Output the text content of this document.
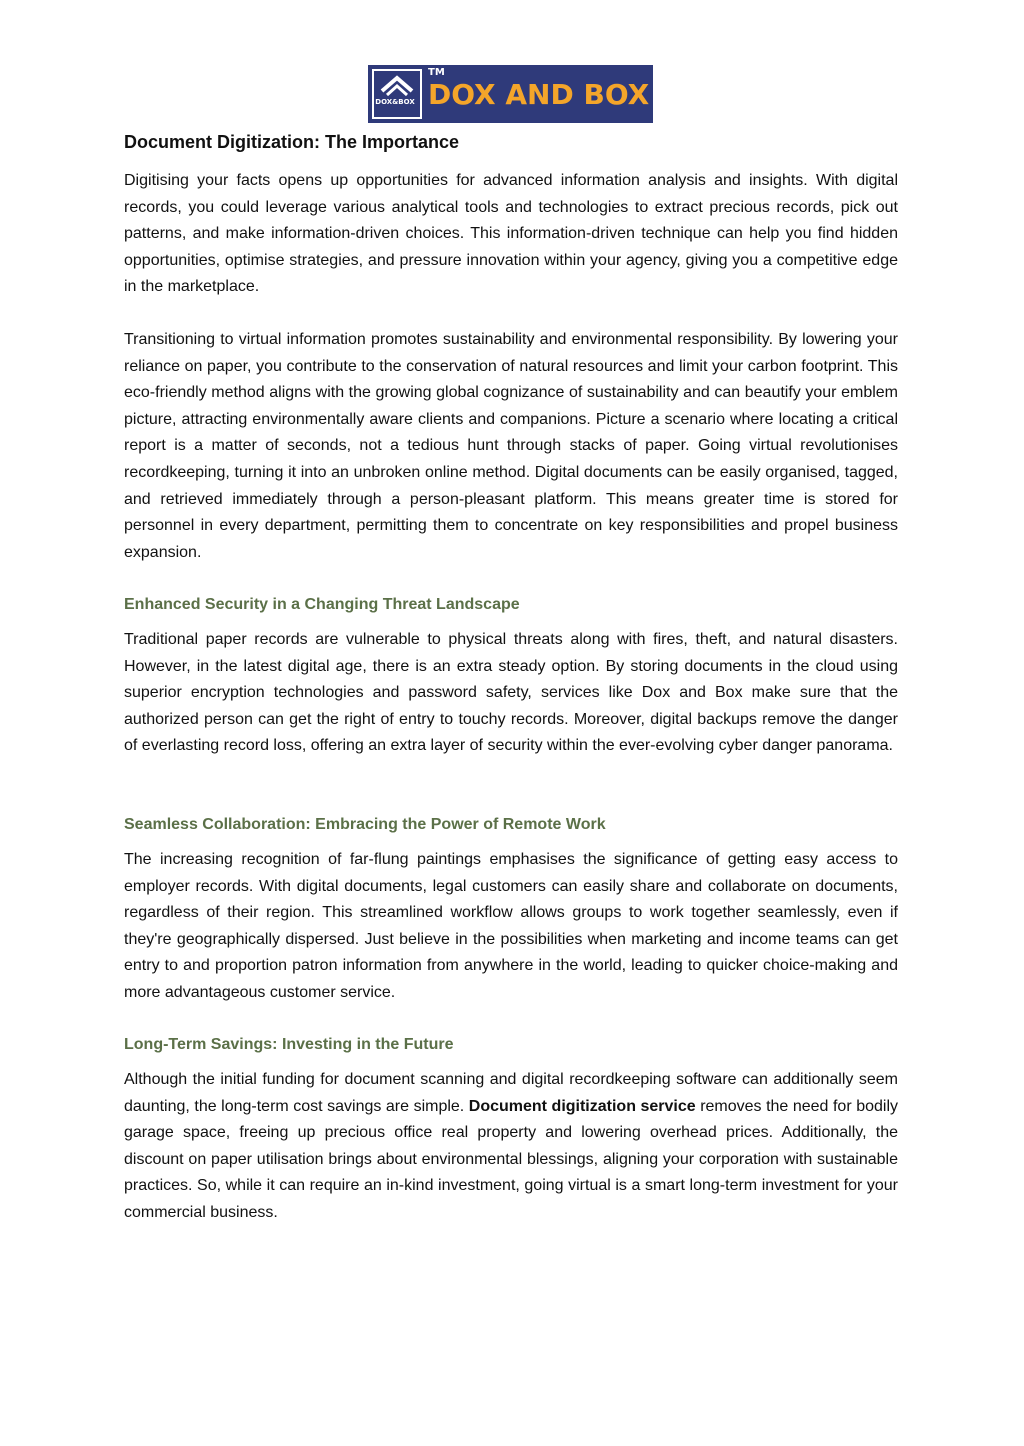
DOX&BOX
TM
DOX AND BOX
Document Digitization: The Importance

Digitising your facts opens up opportunities for advanced information analysis and insights. With digital records, you could leverage various analytical tools and technologies to extract precious records, pick out patterns, and make information-driven choices. This information-driven technique can help you find hidden opportunities, optimise strategies, and pressure innovation within your agency, giving you a competitive edge in the marketplace.

Transitioning to virtual information promotes sustainability and environmental responsibility. By lowering your reliance on paper, you contribute to the conservation of natural resources and limit your carbon footprint. This eco-friendly method aligns with the growing global cognizance of sustainability and can beautify your emblem picture, attracting environmentally aware clients and companions. Picture a scenario where locating a critical report is a matter of seconds, not a tedious hunt through stacks of paper. Going virtual revolutionises recordkeeping, turning it into an unbroken online method. Digital documents can be easily organised, tagged, and retrieved immediately through a person-pleasant platform. This means greater time is stored for personnel in every department, permitting them to concentrate on key responsibilities and propel business expansion.

Enhanced Security in a Changing Threat Landscape

Traditional paper records are vulnerable to physical threats along with fires, theft, and natural disasters. However, in the latest digital age, there is an extra steady option. By storing documents in the cloud using superior encryption technologies and password safety, services like Dox and Box make sure that the authorized person can get the right of entry to touchy records. Moreover, digital backups remove the danger of everlasting record loss, offering an extra layer of security within the ever-evolving cyber danger panorama.

Seamless Collaboration: Embracing the Power of Remote Work

The increasing recognition of far-flung paintings emphasises the significance of getting easy access to employer records. With digital documents, legal customers can easily share and collaborate on documents, regardless of their region. This streamlined workflow allows groups to work together seamlessly, even if they're geographically dispersed. Just believe in the possibilities when marketing and income teams can get entry to and proportion patron information from anywhere in the world, leading to quicker choice-making and more advantageous customer service.

Long-Term Savings: Investing in the Future

Although the initial funding for document scanning and digital recordkeeping software can additionally seem daunting, the long-term cost savings are simple. Document digitization service removes the need for bodily garage space, freeing up precious office real property and lowering overhead prices. Additionally, the discount on paper utilisation brings about environmental blessings, aligning your corporation with sustainable practices. So, while it can require an in-kind investment, going virtual is a smart long-term investment for your commercial business.
